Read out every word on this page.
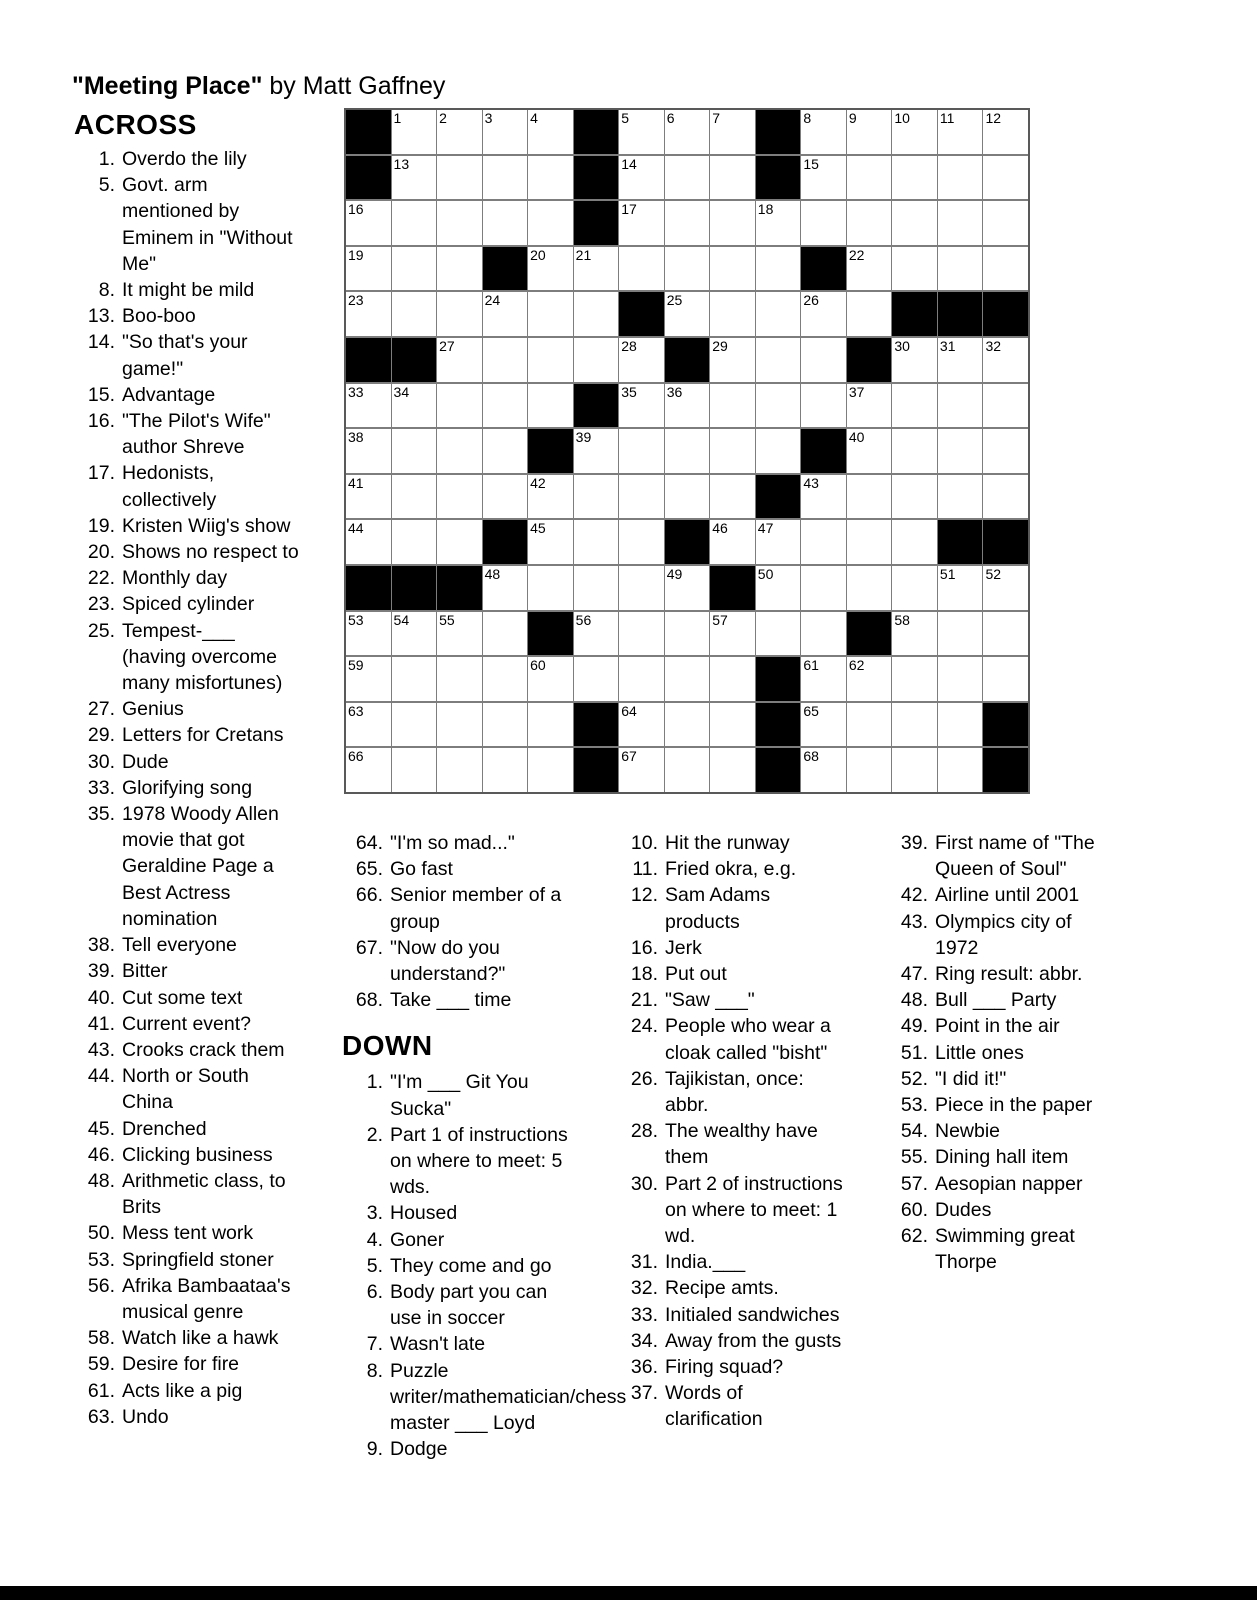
"Meeting Place" by Matt Gaffney
1	2	3	4	5	6	7	8	9	10 11 12
13	14	15
16	17	18
19	20 21	22
23	24	25	26
27	28	29	30 31 32
33 34	35 36	37
38	39	40
41	42	43
44	45	46 47
48	49	50	51 52
53 54 55	56	57	58
59	60	61 62
63	64	65
66	67	68
ACROSS
1. Overdo the lily
5. Govt. arm mentioned by Eminem in "Without Me"
8. It might be mild
13. Boo-boo
14. "So that's your game!"
15. Advantage
16. "The Pilot's Wife" author Shreve
17. Hedonists, collectively
19. Kristen Wiig's show
20. Shows no respect to
22. Monthly day
23. Spiced cylinder
25. Tempest-___ (having overcome many misfortunes)
27. Genius
29. Letters for Cretans
30. Dude
33. Glorifying song
35. 1978 Woody Allen movie that got Geraldine Page a Best Actress nomination
38. Tell everyone
39. Bitter
40. Cut some text
41. Current event?
43. Crooks crack them
44. North or South China
45. Drenched
46. Clicking business
48. Arithmetic class, to Brits
50. Mess tent work
53. Springfield stoner
56. Afrika Bambaataa's musical genre
58. Watch like a hawk
59. Desire for fire
61. Acts like a pig
63. Undo
64. "I'm so mad..."
65. Go fast
66. Senior member of a group
67. "Now do you understand?"
68. Take ___ time
DOWN
1. "I'm ___ Git You Sucka"
2. Part 1 of instructions on where to meet: 5 wds.
3. Housed
4. Goner
5. They come and go
6. Body part you can use in soccer
7. Wasn't late
8. Puzzle writer/mathematician/chess master ___ Loyd
9. Dodge
10. Hit the runway
11. Fried okra, e.g.
12. Sam Adams products
16. Jerk
18. Put out
21. "Saw ___"
24. People who wear a cloak called "bisht"
26. Tajikistan, once: abbr.
28. The wealthy have them
30. Part 2 of instructions on where to meet: 1 wd.
31. India.___
32. Recipe amts.
33. Initialed sandwiches
34. Away from the gusts
36. Firing squad?
37. Words of clarification
39. First name of "The Queen of Soul"
42. Airline until 2001
43. Olympics city of 1972
47. Ring result: abbr.
48. Bull ___ Party
49. Point in the air
51. Little ones
52. "I did it!"
53. Piece in the paper
54. Newbie
55. Dining hall item
57. Aesopian napper
60. Dudes
62. Swimming great Thorpe
